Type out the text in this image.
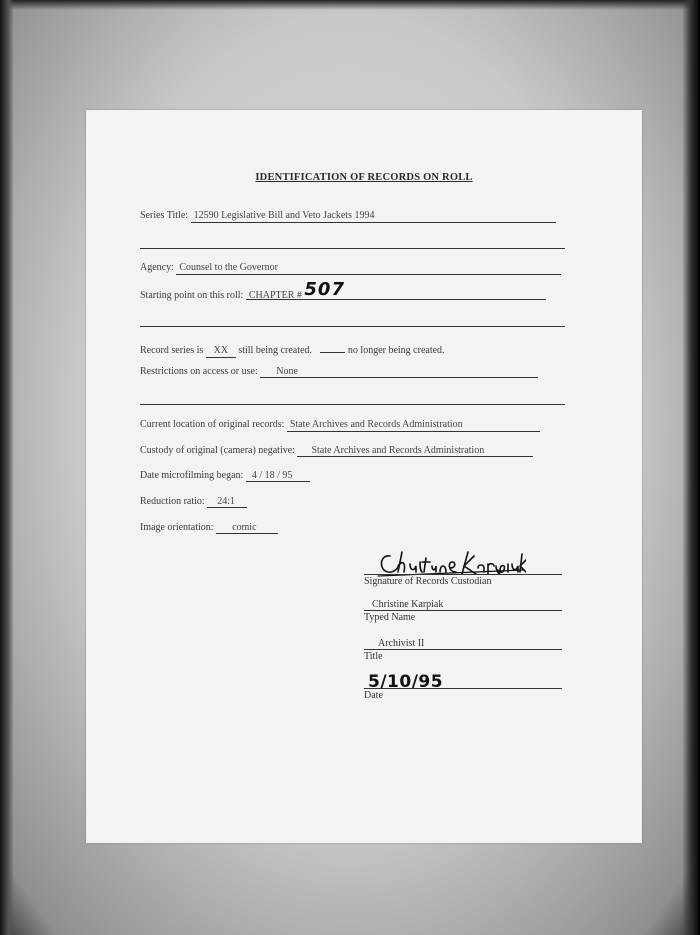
IDENTIFICATION OF RECORDS ON ROLL
Series Title: 12590 Legislative Bill and Veto Jackets 1994
Agency: Counsel to the Governor
Starting point on this roll: CHAPTER # 507
Record series is XX still being created.	no longer being created.
Restrictions on access or use: None
Current location of original records: State Archives and Records Administration
Custody of original (camera) negative: State Archives and Records Administration
Date microfilming began: 4 / 18 / 95
Reduction ratio: 24:1
Image orientation: comic
Signature of Records Custodian
Christine Karpiak
Typed Name
Archivist II
Title
5/10/95
Date
